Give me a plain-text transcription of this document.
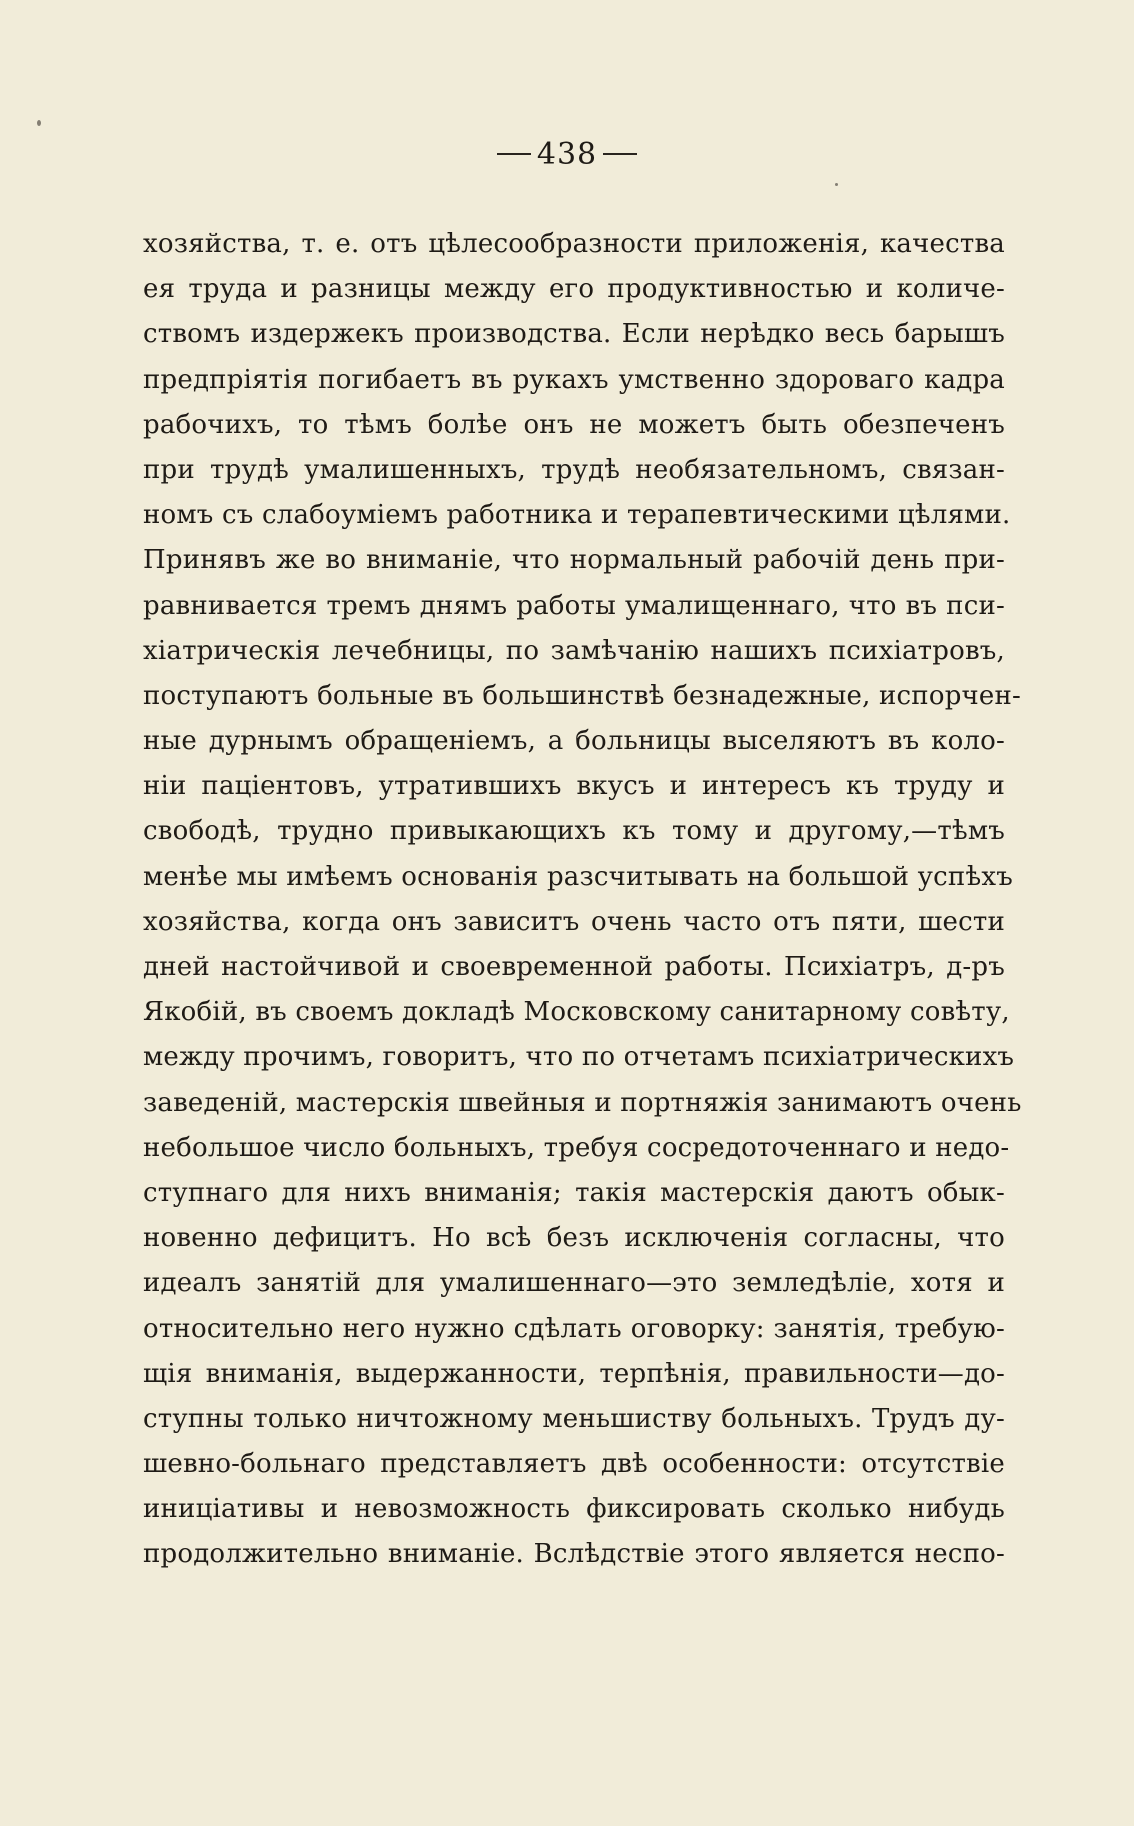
438
хозяйства, т. е. отъ цѣлесообразности приложенія, качества
ея труда и разницы между его продуктивностью и количе-
ствомъ издержекъ производства. Если нерѣдко весь барышъ
предпріятія погибаетъ въ рукахъ умственно здороваго кадра
рабочихъ, то тѣмъ болѣе онъ не можетъ быть обезпеченъ
при трудѣ умалишенныхъ, трудѣ необязательномъ, связан-
номъ съ слабоуміемъ работника и терапевтическими цѣлями.
Принявъ же во вниманіе, что нормальный рабочій день при-
равнивается тремъ днямъ работы умалищеннаго, что въ пси-
хіатрическія лечебницы, по замѣчанію нашихъ психіатровъ,
поступаютъ больные въ большинствѣ безнадежные, испорчен-
ные дурнымъ обращеніемъ, а больницы выселяютъ въ коло-
ніи паціентовъ, утратившихъ вкусъ и интересъ къ труду и
свободѣ, трудно привыкающихъ къ тому и другому,—тѣмъ
менѣе мы имѣемъ основанія разсчитывать на большой успѣхъ
хозяйства, когда онъ зависитъ очень часто отъ пяти, шести
дней настойчивой и своевременной работы. Психіатръ, д-ръ
Якобій, въ своемъ докладѣ Московскому санитарному совѣту,
между прочимъ, говоритъ, что по отчетамъ психіатрическихъ
заведеній, мастерскія швейныя и портняжія занимаютъ очень
небольшое число больныхъ, требуя сосредоточеннаго и недо-
ступнаго для нихъ вниманія; такія мастерскія даютъ обык-
новенно дефицитъ. Но всѣ безъ исключенія согласны, что
идеалъ занятій для умалишеннаго—это земледѣліе, хотя и
относительно него нужно сдѣлать оговорку: занятія, требую-
щія вниманія, выдержанности, терпѣнія, правильности—до-
ступны только ничтожному меньшиству больныхъ. Трудъ ду-
шевно-больнаго представляетъ двѣ особенности: отсутствіе
иниціативы и невозможность фиксировать сколько нибудь
продолжительно вниманіе. Вслѣдствіе этого является неспо-
